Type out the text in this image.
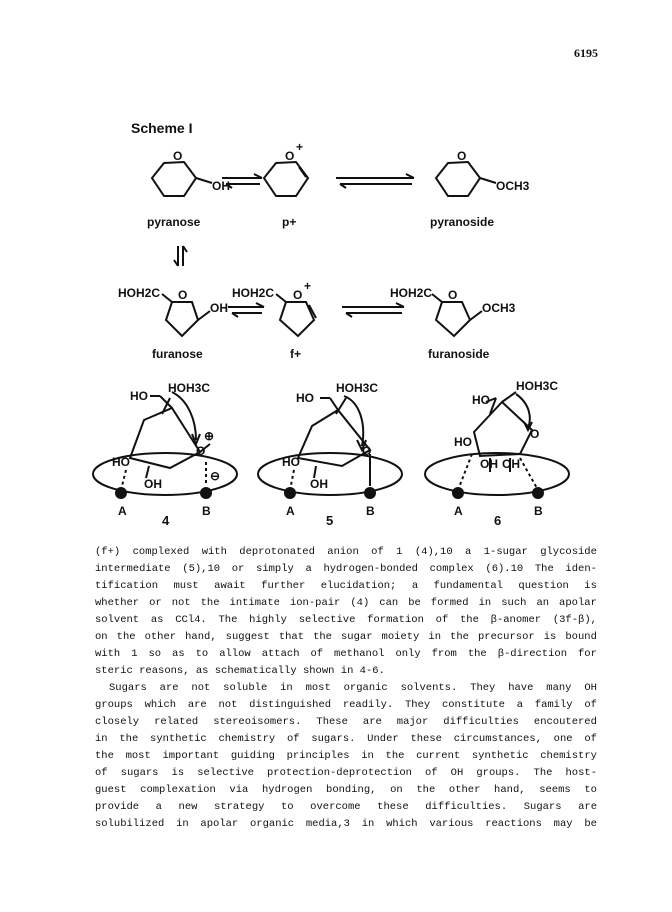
6195
Scheme I
O
OH
O
+
O
OCH3
pyranose	p+	pyranoside
HOH2C O
OH
HOH2C O
+	HOH2C O
OCH3
furanose	f+	furanoside
HO
HOH3C
O
⊕
HO
OH
⊖
A	B
4
HO
HOH3C
O
HO
OH
A	B
5
HOH3C
HO
O
HO
OH OH
A	B
6
(f+) complexed with deprotonated anion of 1 (4),10 a 1-sugar glycoside
intermediate (5),10 or simply a hydrogen-bonded complex (6).10 The iden-
tification must await further elucidation; a fundamental question is
whether or not the intimate ion-pair (4) can be formed in such an apolar
solvent as CCl4. The highly selective formation of the β-anomer (3f-β),
on the other hand, suggest that the sugar moiety in the precursor is bound
with 1 so as to allow attach of methanol only from the β-direction for
steric reasons, as schematically shown in 4-6.
Sugars are not soluble in most organic solvents. They have many OH
groups which are not distinguished readily. They constitute a family of
closely related stereoisomers. These are major difficulties encoutered
in the synthetic chemistry of sugars. Under these circumstances, one of
the most important guiding principles in the current synthetic chemistry
of sugars is selective protection-deprotection of OH groups. The host-
guest complexation via hydrogen bonding, on the other hand, seems to
provide a new strategy to overcome these difficulties. Sugars are
solubilized in apolar organic media,3 in which various reactions may be
